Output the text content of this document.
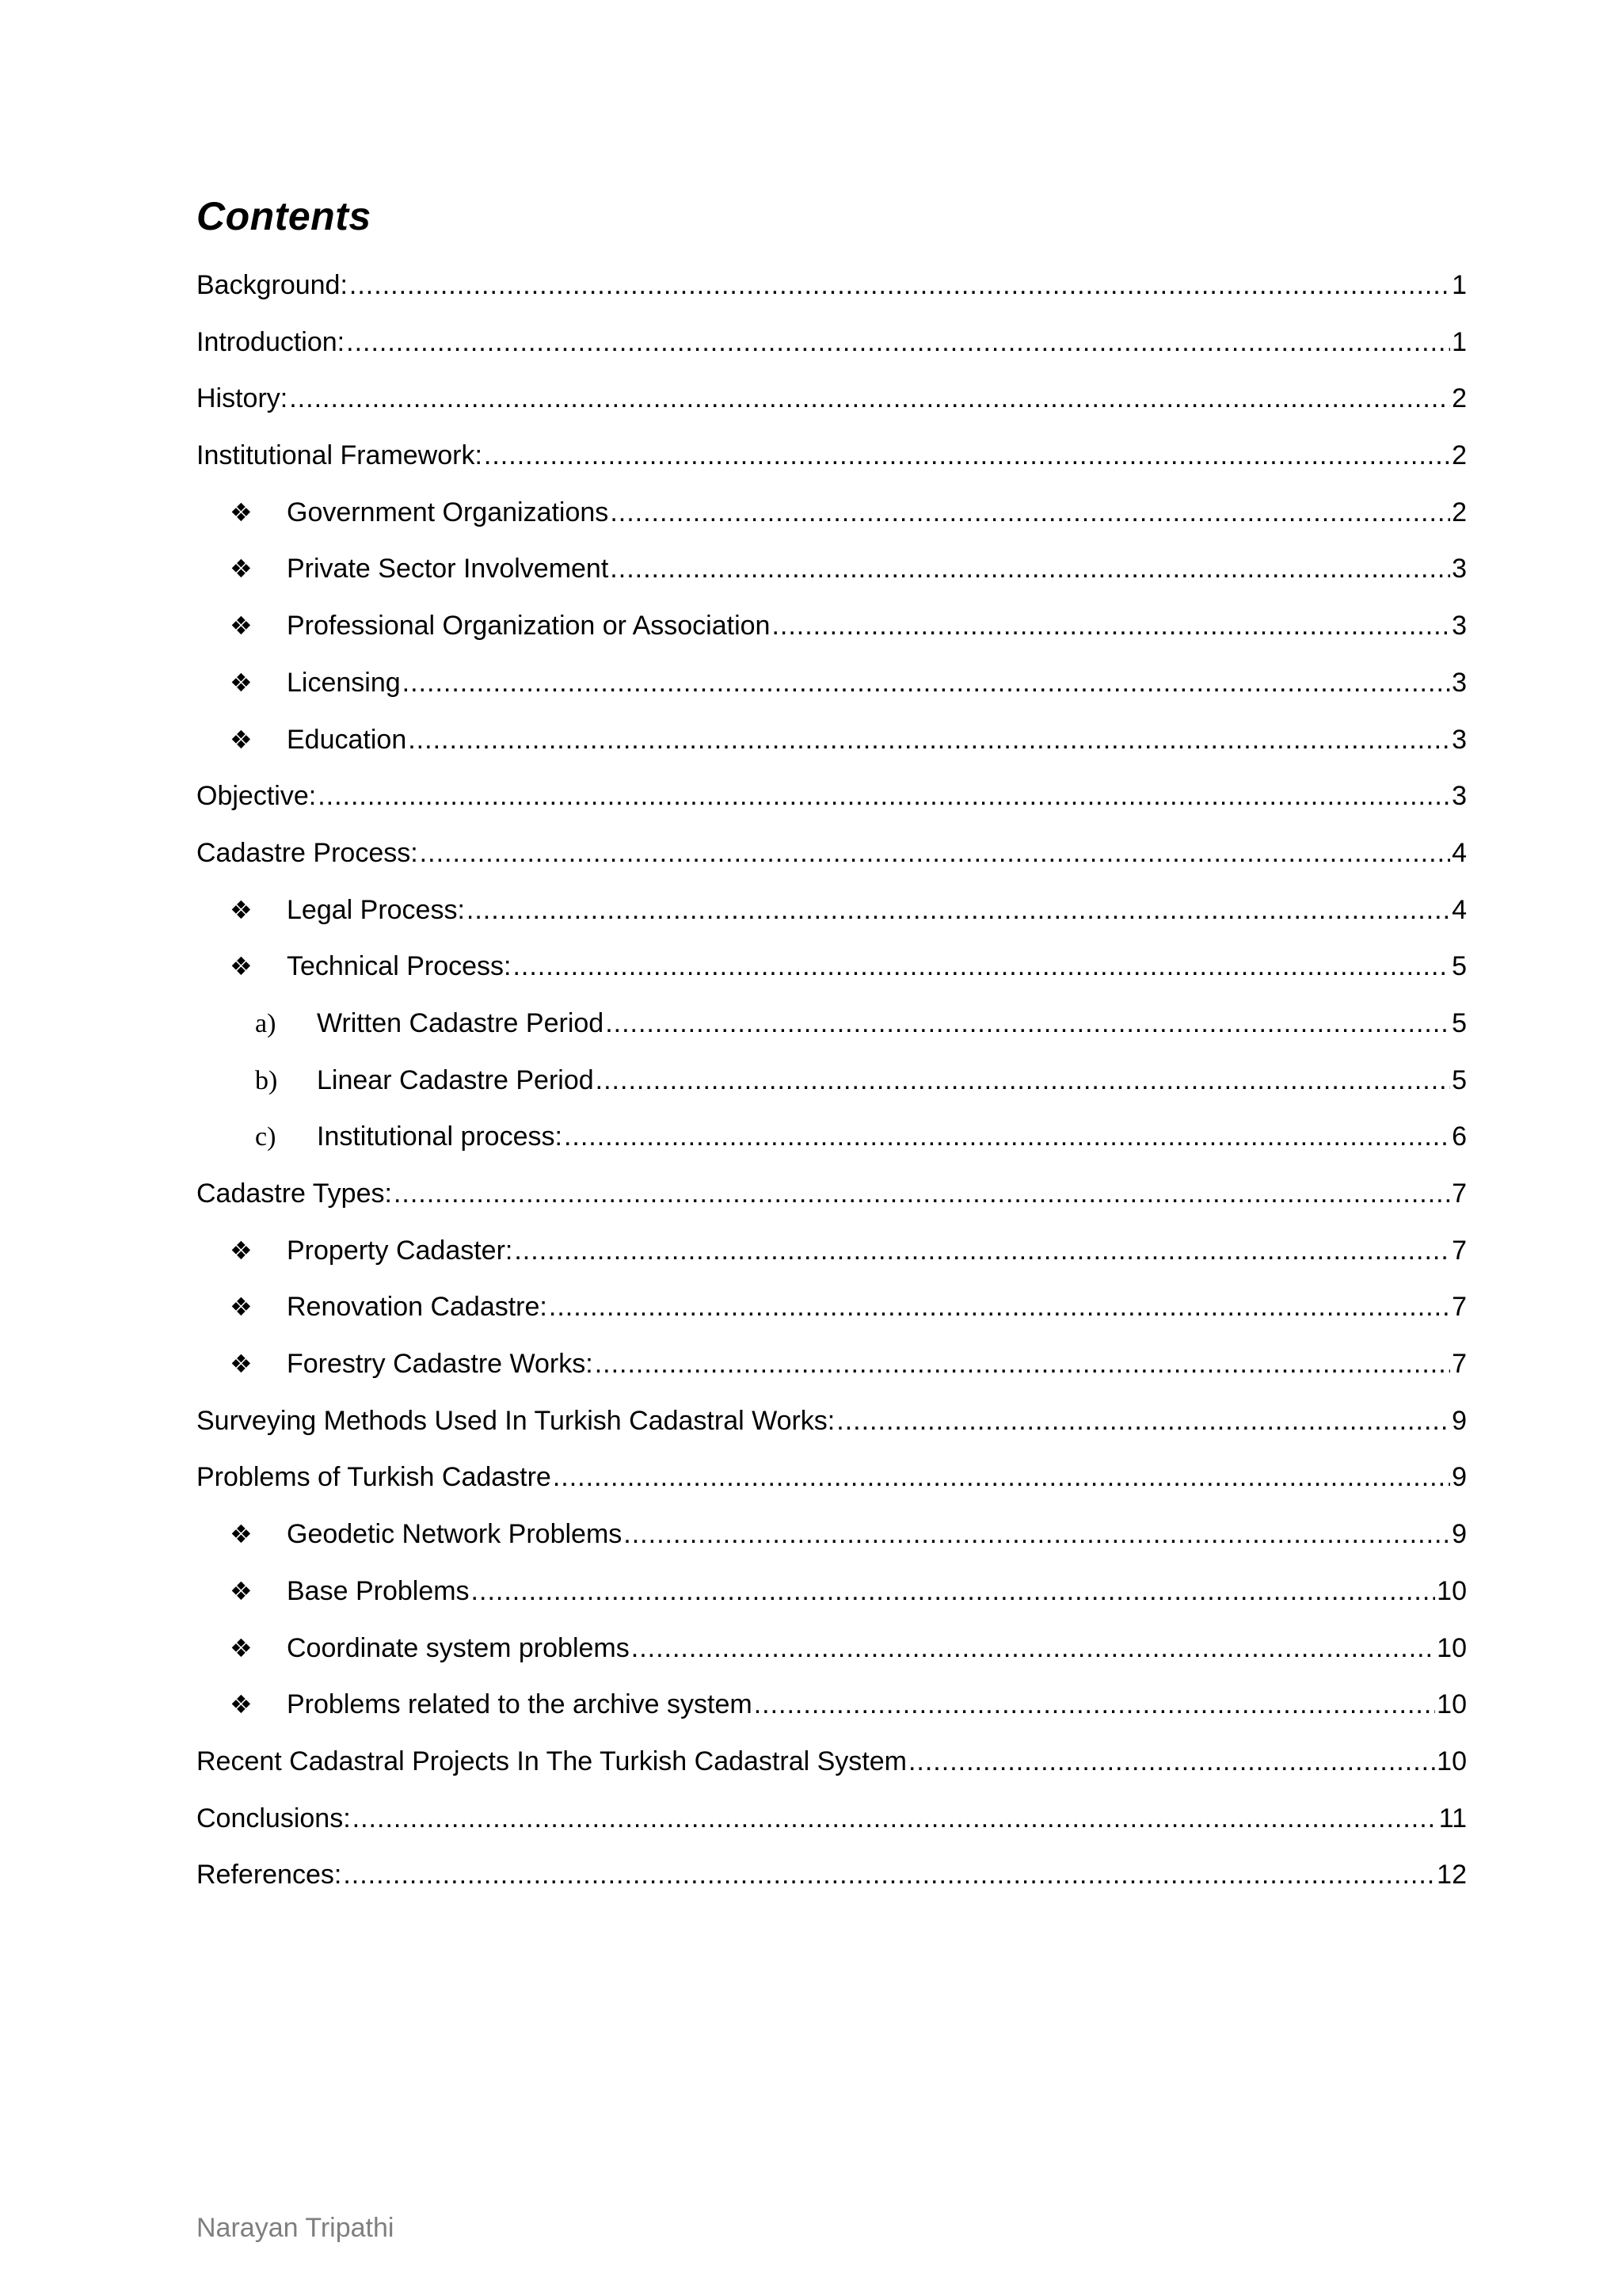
Contents
Background: .....	1
Introduction: .....	1
History: .....	2
Institutional Framework: .....	2
❖	Government Organizations .....	2
❖	Private Sector Involvement .....	3
❖	Professional Organization or Association .....	3
❖	Licensing .....	3
❖	Education .....	3
Objective: .....	3
Cadastre Process: .....	4
❖	Legal Process: .....	4
❖	Technical Process: .....	5
a)	Written Cadastre Period .....	5
b)	Linear Cadastre Period .....	5
c)	Institutional process: .....	6
Cadastre Types: .....	7
❖	Property Cadaster: .....	7
❖	Renovation Cadastre: .....	7
❖	Forestry Cadastre Works: .....	7
Surveying Methods Used In Turkish Cadastral Works: .....	9
Problems of Turkish Cadastre .....	9
❖	Geodetic Network Problems .....	9
❖	Base Problems .....	10
❖	Coordinate system problems .....	10
❖	Problems related to the archive system .....	10
Recent Cadastral Projects In The Turkish Cadastral System .....	10
Conclusions: .....	11
References: .....	12
Narayan Tripathi
